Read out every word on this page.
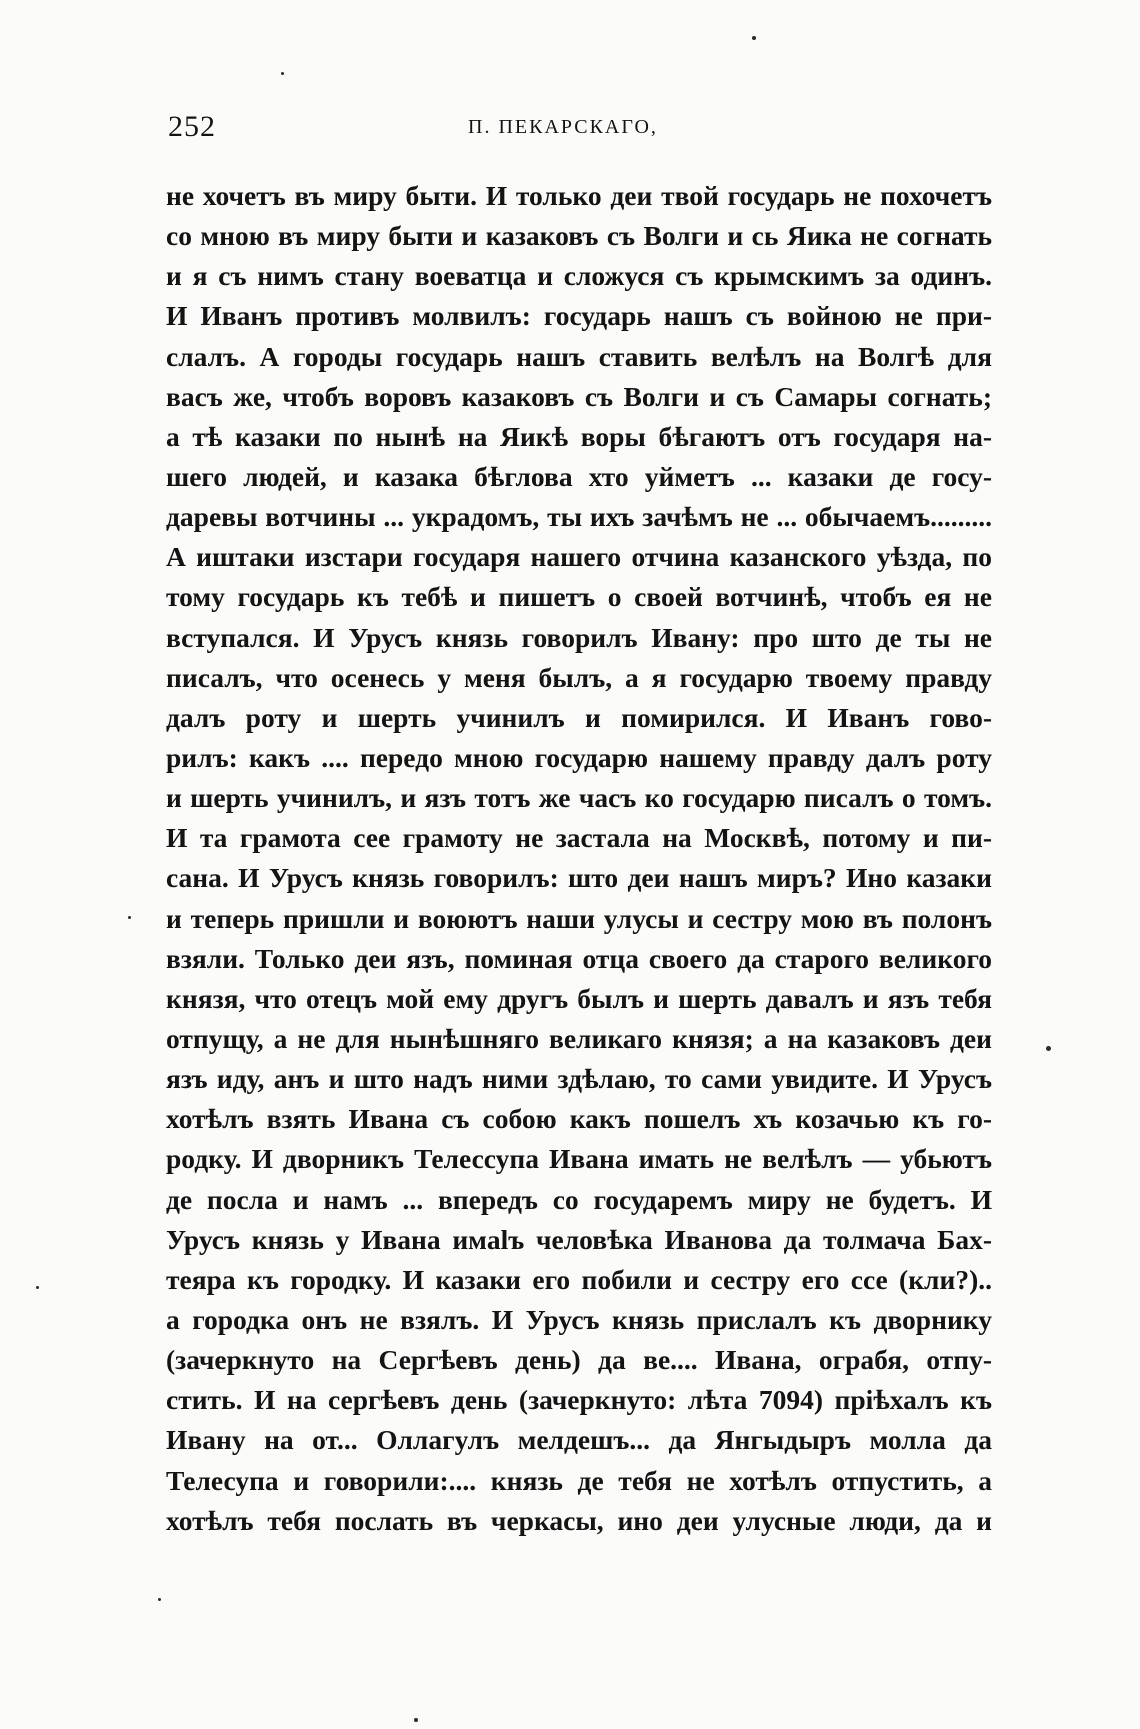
252	П. ПЕКАРСКАГО,
не хочетъ въ миру быти. И только деи твой государь не похочетъ
со мною въ миру быти и казаковъ съ Волги и сь Яика не согнать
и я съ нимъ стану воеватца и сложуся съ крымскимъ за одинъ.
И Иванъ противъ молвилъ: государь нашъ съ войною не при-
слалъ. А городы государь нашъ ставить велѣлъ на Волгѣ для
васъ же, чтобъ воровъ казаковъ съ Волги и съ Самары согнать;
а тѣ казаки по нынѣ на Яикѣ воры бѣгаютъ отъ государя на-
шего людей, и казака бѣглова хто уйметъ ... казаки де госу-
даревы вотчины ... украдомъ, ты ихъ зачѣмъ не ... обычаемъ.........
А иштаки изстари государя нашего отчина казанского уѣзда, по
тому государь къ тебѣ и пишетъ о своей вотчинѣ, чтобъ ея не
вступался. И Урусъ князь говорилъ Ивану: про што де ты не
писалъ, что осенесь у меня былъ, а я государю твоему правду
далъ роту и шерть учинилъ и помирился. И Иванъ гово-
рилъ: какъ .... передо мною государю нашему правду далъ роту
и шерть учинилъ, и язъ тотъ же часъ ко государю писалъ о томъ.
И та грамота сее грамоту не застала на Москвѣ, потому и пи-
сана. И Урусъ князь говорилъ: што деи нашъ миръ? Ино казаки
и теперь пришли и воюютъ наши улусы и сестру мою въ полонъ
взяли. Только деи язъ, поминая отца своего да старого великого
князя, что отецъ мой ему другъ былъ и шерть давалъ и язъ тебя
отпущу, а не для нынѣшняго великаго князя; а на казаковъ деи
язъ иду, анъ и што надъ ними здѣлаю, то сами увидите. И Урусъ
хотѣлъ взять Ивана съ собою какъ пошелъ хъ козачью къ го-
родку. И дворникъ Телессупа Ивана имать не велѣлъ — убьютъ
де посла и намъ ... впередъ со государемъ миру не будетъ. И
Урусъ князь у Ивана имalъ человѣка Иванова да толмача Бах-
теяра къ городку. И казаки его побили и сестру его ссе (кли?)..
а городка онъ не взялъ. И Урусъ князь прислалъ къ дворнику
(зачеркнуто на Сергѣевъ день) да ве.... Ивана, ограбя, отпу-
стить. И на сергѣевъ день (зачеркнуто: лѣта 7094) пріѣхалъ къ
Ивану на от... Оллагулъ мелдешъ... да Янгыдыръ молла да
Телесупа и говорили:.... князь де тебя не хотѣлъ отпустить, а
хотѣлъ тебя послать въ черкасы, ино деи улусные люди, да и
